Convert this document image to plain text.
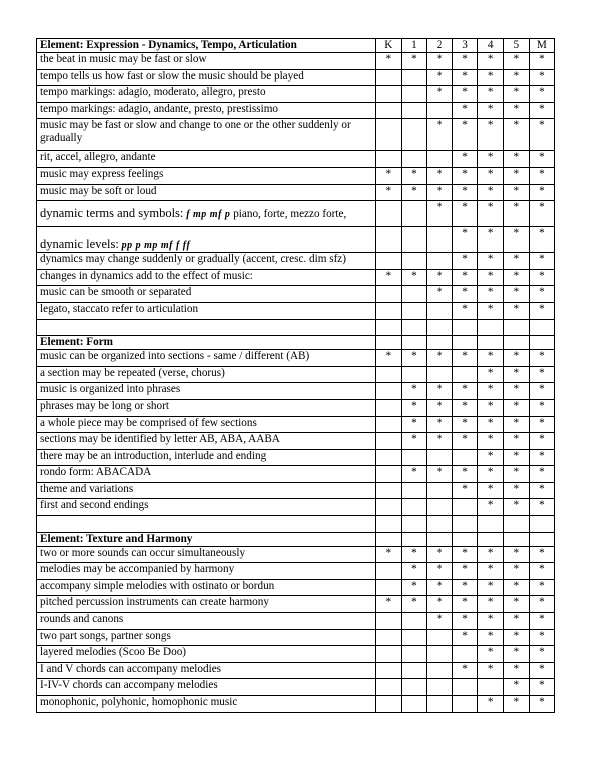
Element: Expression - Dynamics, Tempo, Articulation	K	1	2	3	4	5	M
the beat in music may be fast or slow	*	*	*	*	*	*	*
tempo tells us how fast or slow the music should be played			*	*	*	*	*
tempo markings: adagio, moderato, allegro, presto			*	*	*	*	*
tempo markings: adagio, andante, presto, prestissimo				*	*	*	*
music may be fast or slow and change to one or the other suddenly or gradually			*	*	*	*	*
rit, accel, allegro, andante				*	*	*	*
music may express feelings	*	*	*	*	*	*	*
music may be soft or loud	*	*	*	*	*	*	*
dynamic terms and symbols: f mp mf p piano, forte, mezzo forte,			*	*	*	*	*
dynamic levels: pp p mp mf f ff				*	*	*	*
dynamics may change suddenly or gradually (accent, cresc. dim sfz)				*	*	*	*
changes in dynamics add to the effect of music:	*	*	*	*	*	*	*
music can be smooth or separated			*	*	*	*	*
legato, staccato refer to articulation				*	*	*	*

Element: Form							
music can be organized into sections - same / different (AB)	*	*	*	*	*	*	*
a section may be repeated (verse, chorus)					*	*	*
music is organized into phrases		*	*	*	*	*	*
phrases may be long or short		*	*	*	*	*	*
a whole piece may be comprised of few sections		*	*	*	*	*	*
sections may be identified by letter AB, ABA, AABA		*	*	*	*	*	*
there may be an introduction, interlude and ending					*	*	*
rondo form: ABACADA		*	*	*	*	*	*
theme and variations				*	*	*	*
first and second endings					*	*	*

Element: Texture and Harmony							
two or more sounds can occur simultaneously	*	*	*	*	*	*	*
melodies may be accompanied by harmony		*	*	*	*	*	*
accompany simple melodies with ostinato or bordun		*	*	*	*	*	*
pitched percussion instruments can create harmony	*	*	*	*	*	*	*
rounds and canons			*	*	*	*	*
two part songs, partner songs				*	*	*	*
layered melodies (Scoo Be Doo)					*	*	*
I and V chords can accompany melodies				*	*	*	*
I-IV-V chords can accompany melodies						*	*
monophonic, polyhonic, homophonic music					*	*	*
